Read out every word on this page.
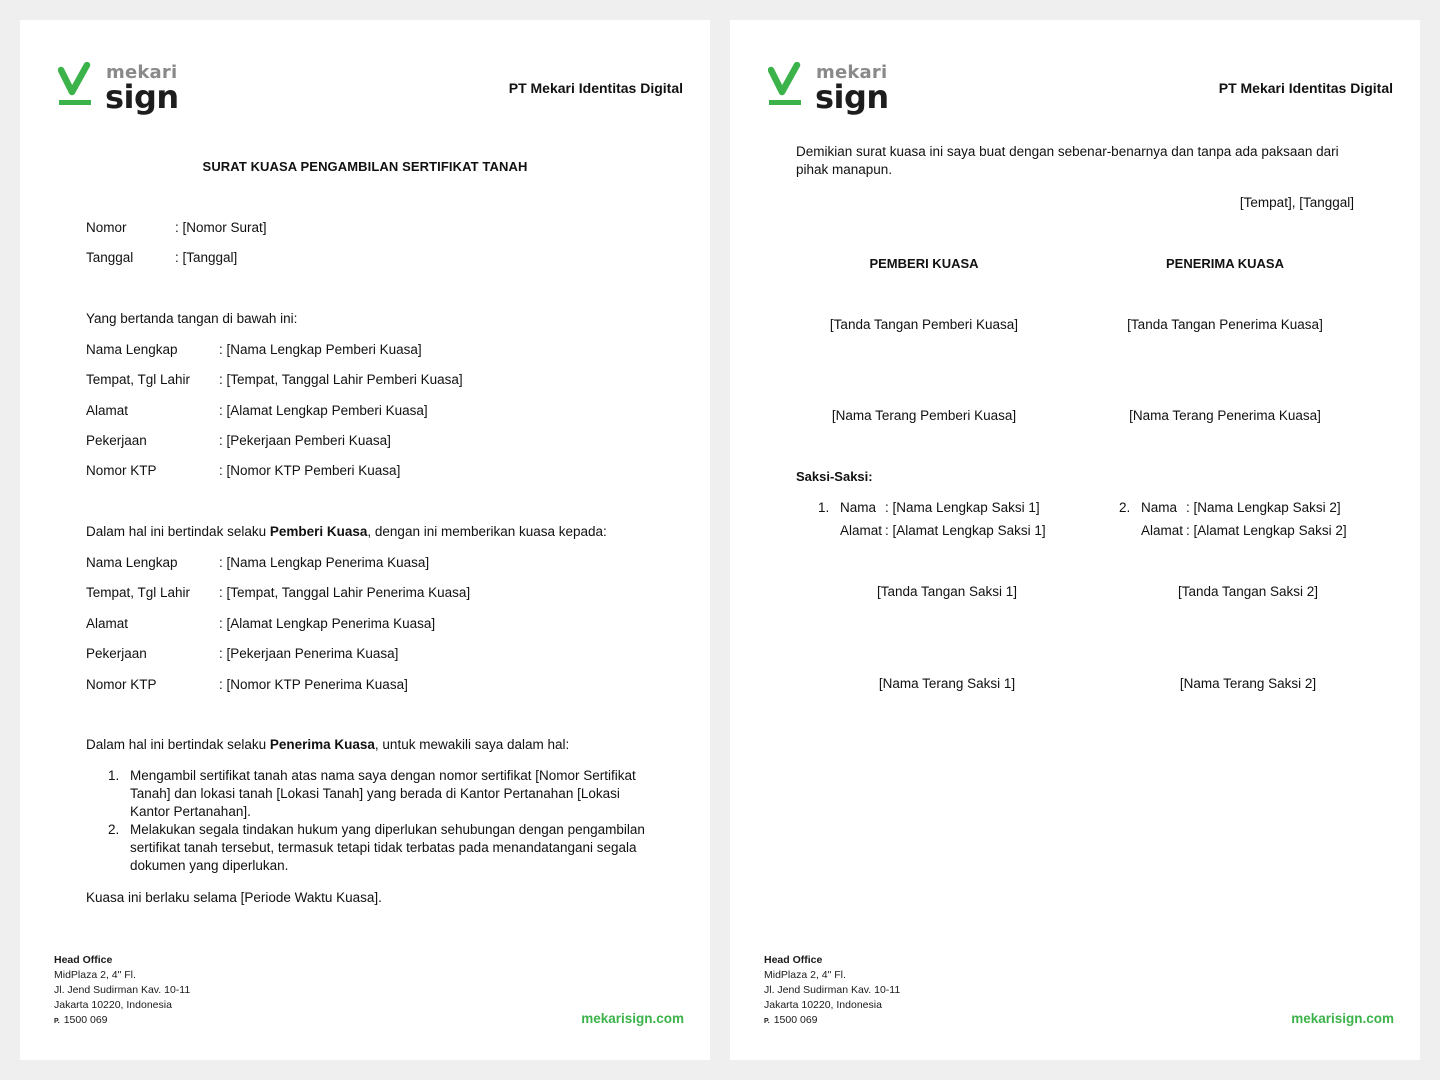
mekari
sign	PT Mekari Identitas Digital
SURAT KUASA PENGAMBILAN SERTIFIKAT TANAH
Nomor	: [Nomor Surat]
Tanggal	: [Tanggal]
Yang bertanda tangan di bawah ini:
Nama Lengkap	: [Nama Lengkap Pemberi Kuasa]
Tempat, Tgl Lahir : [Tempat, Tanggal Lahir Pemberi Kuasa]
Alamat	: [Alamat Lengkap Pemberi Kuasa]
Pekerjaan	: [Pekerjaan Pemberi Kuasa]
Nomor KTP	: [Nomor KTP Pemberi Kuasa]
Dalam hal ini bertindak selaku Pemberi Kuasa, dengan ini memberikan kuasa kepada:
Nama Lengkap	: [Nama Lengkap Penerima Kuasa]
Tempat, Tgl Lahir : [Tempat, Tanggal Lahir Penerima Kuasa]
Alamat	: [Alamat Lengkap Penerima Kuasa]
Pekerjaan	: [Pekerjaan Penerima Kuasa]
Nomor KTP	: [Nomor KTP Penerima Kuasa]
Dalam hal ini bertindak selaku Penerima Kuasa, untuk mewakili saya dalam hal:
1. Mengambil sertifikat tanah atas nama saya dengan nomor sertifikat [Nomor Sertifikat Tanah] dan lokasi tanah [Lokasi Tanah] yang berada di Kantor Pertanahan [Lokasi Kantor Pertanahan].
2. Melakukan segala tindakan hukum yang diperlukan sehubungan dengan pengambilan sertifikat tanah tersebut, termasuk tetapi tidak terbatas pada menandatangani segala dokumen yang diperlukan.
Kuasa ini berlaku selama [Periode Waktu Kuasa].
Head Office
MidPlaza 2, 4" Fl.
Jl. Jend Sudirman Kav. 10-11
Jakarta 10220, Indonesia
P. 1500 069	mekarisign.com
mekari
sign	PT Mekari Identitas Digital
Demikian surat kuasa ini saya buat dengan sebenar-benarnya dan tanpa ada paksaan dari pihak manapun.
[Tempat], [Tanggal]
PEMBERI KUASA	PENERIMA KUASA
[Tanda Tangan Pemberi Kuasa]	[Tanda Tangan Penerima Kuasa]
[Nama Terang Pemberi Kuasa]	[Nama Terang Penerima Kuasa]
Saksi-Saksi:
1. Nama : [Nama Lengkap Saksi 1]
Alamat : [Alamat Lengkap Saksi 1]
[Tanda Tangan Saksi 1]
[Nama Terang Saksi 1]
2. Nama : [Nama Lengkap Saksi 2]
Alamat : [Alamat Lengkap Saksi 2]
[Tanda Tangan Saksi 2]
[Nama Terang Saksi 2]
Head Office
MidPlaza 2, 4" Fl.
Jl. Jend Sudirman Kav. 10-11
Jakarta 10220, Indonesia
P. 1500 069	mekarisign.com
